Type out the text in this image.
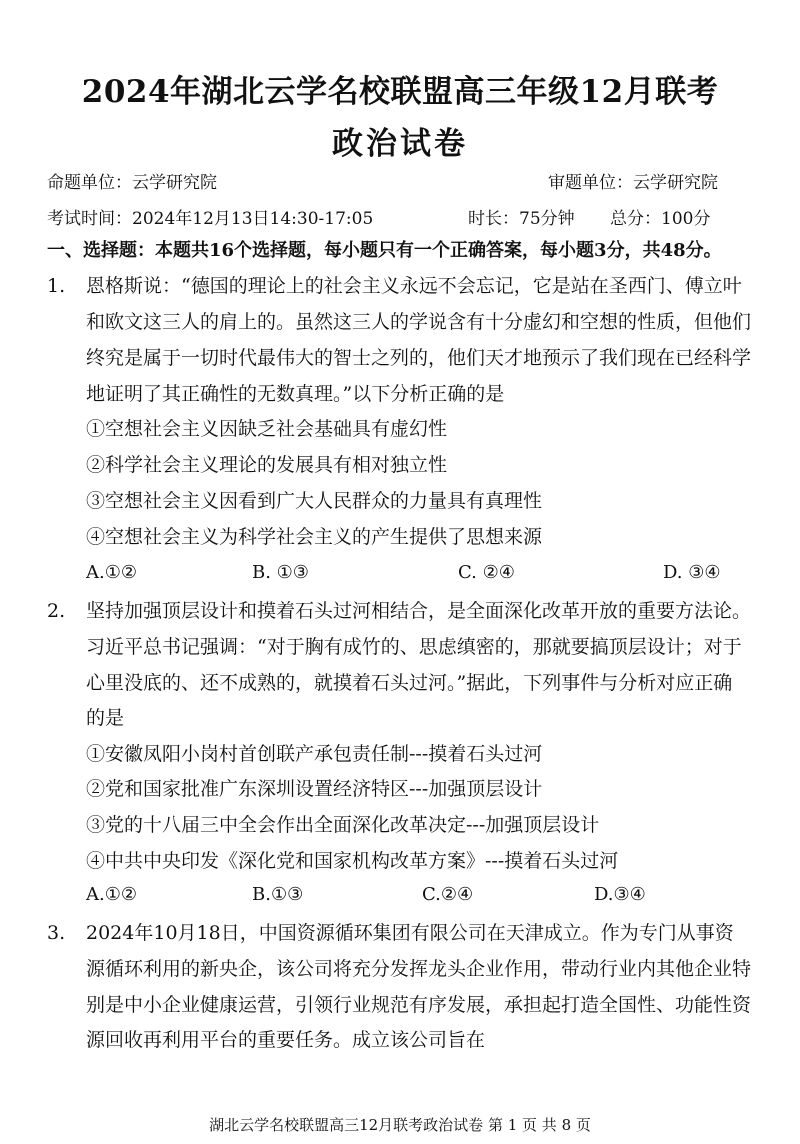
2024年湖北云学名校联盟高三年级12月联考
政治试卷
命题单位：云学研究院	审题单位：云学研究院
考试时间：2024年12月13日14:30-17:05	时长：75分钟 总分：100分
一、选择题：本题共16个选择题，每小题只有一个正确答案，每小题3分，共48分。
1. 恩格斯说：“德国的理论上的社会主义永远不会忘记，它是站在圣西门、傅立叶
和欧文这三人的肩上的。虽然这三人的学说含有十分虚幻和空想的性质，但他们
终究是属于一切时代最伟大的智士之列的，他们天才地预示了我们现在已经科学
地证明了其正确性的无数真理。”以下分析正确的是
①空想社会主义因缺乏社会基础具有虚幻性
②科学社会主义理论的发展具有相对独立性
③空想社会主义因看到广大人民群众的力量具有真理性
④空想社会主义为科学社会主义的产生提供了思想来源
A.①②	B. ①③	C. ②④	D. ③④
2. 坚持加强顶层设计和摸着石头过河相结合，是全面深化改革开放的重要方法论。
习近平总书记强调：“对于胸有成竹的、思虑缜密的，那就要搞顶层设计；对于
心里没底的、还不成熟的，就摸着石头过河。”据此，下列事件与分析对应正确
的是
①安徽凤阳小岗村首创联产承包责任制---摸着石头过河
②党和国家批准广东深圳设置经济特区---加强顶层设计
③党的十八届三中全会作出全面深化改革决定---加强顶层设计
④中共中央印发《深化党和国家机构改革方案》---摸着石头过河
A.①②	B.①③	C.②④	D.③④
3. 2024年10月18日，中国资源循环集团有限公司在天津成立。作为专门从事资
源循环利用的新央企，该公司将充分发挥龙头企业作用，带动行业内其他企业特
别是中小企业健康运营，引领行业规范有序发展，承担起打造全国性、功能性资
源回收再利用平台的重要任务。成立该公司旨在
湖北云学名校联盟高三12月联考政治试卷 第 1 页 共 8 页
